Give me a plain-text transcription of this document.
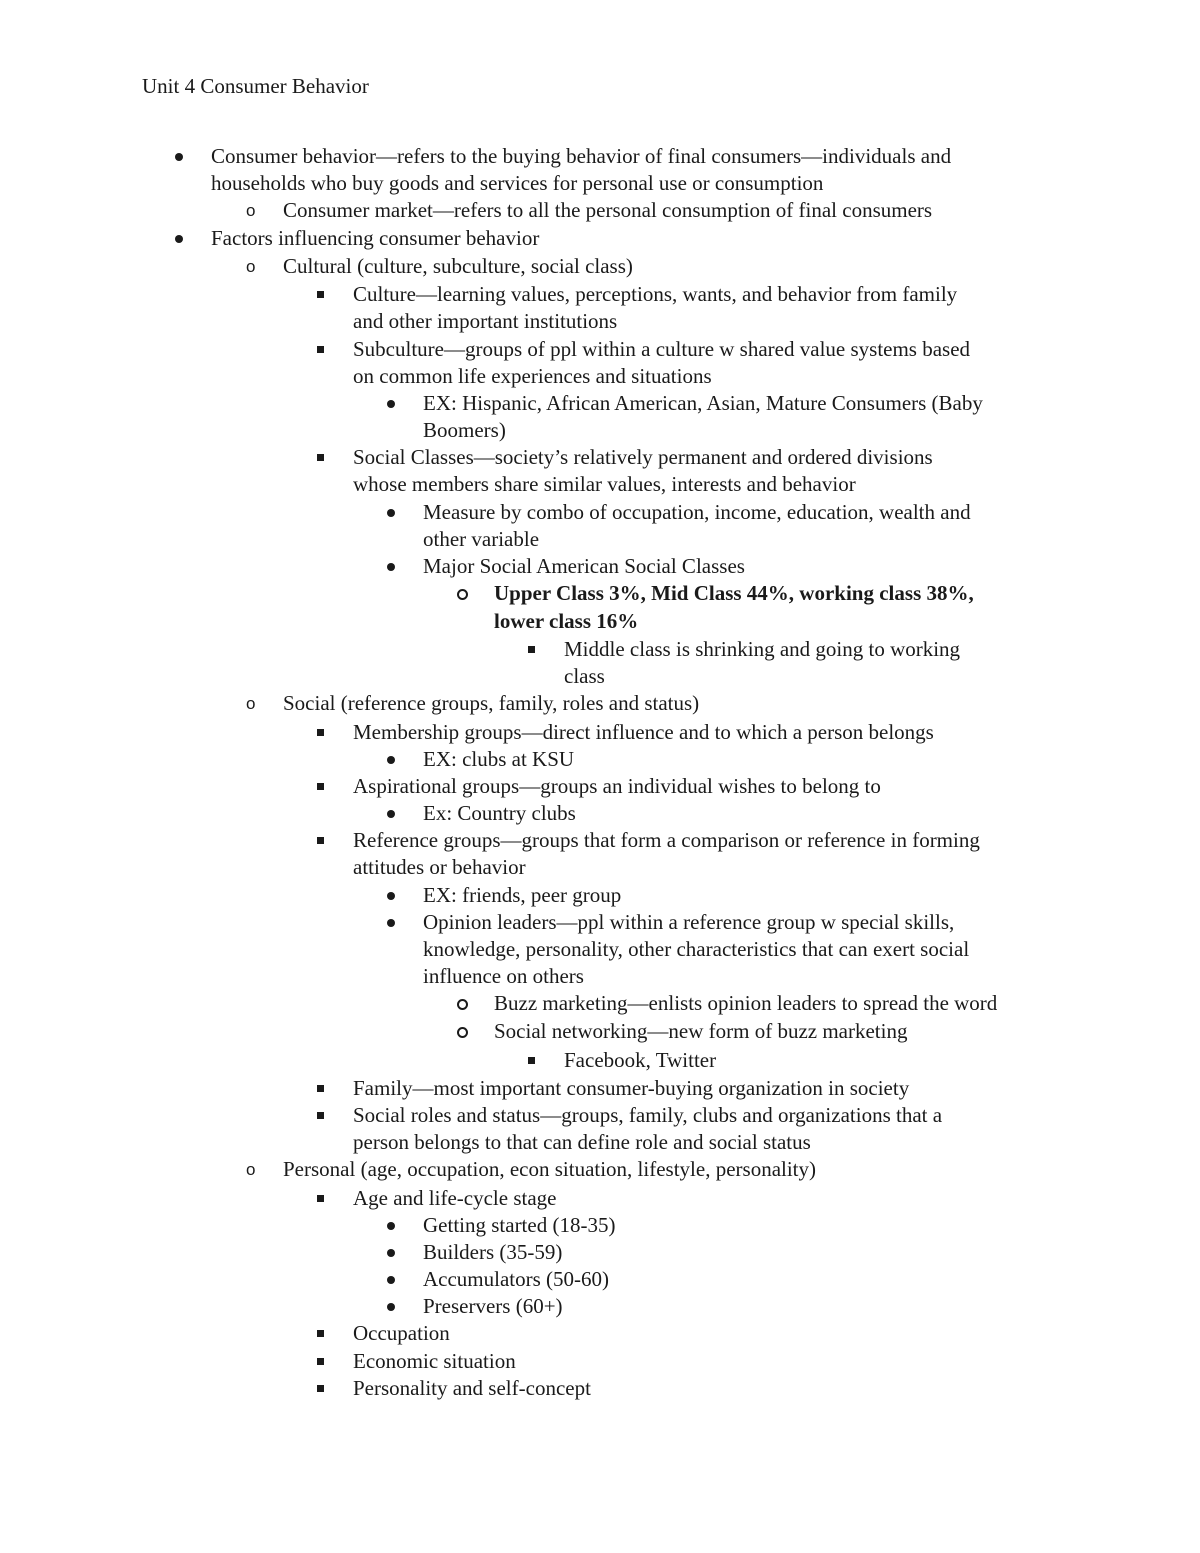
Unit 4 Consumer Behavior
Consumer behavior—refers to the buying behavior of final consumers—individuals and
households who buy goods and services for personal use or consumption
Consumer market—refers to all the personal consumption of final consumers
o
Factors influencing consumer behavior
Cultural (culture, subculture, social class)
o
Culture—learning values, perceptions, wants, and behavior from family
and other important institutions
Subculture—groups of ppl within a culture w shared value systems based
on common life experiences and situations
EX: Hispanic, African American, Asian, Mature Consumers (Baby
Boomers)
Social Classes—society’s relatively permanent and ordered divisions
whose members share similar values, interests and behavior
Measure by combo of occupation, income, education, wealth and
other variable
Major Social American Social Classes
Upper Class 3%, Mid Class 44%, working class 38%,
lower class 16%
Middle class is shrinking and going to working
class
Social (reference groups, family, roles and status)
o
Membership groups—direct influence and to which a person belongs
EX: clubs at KSU
Aspirational groups—groups an individual wishes to belong to
Ex: Country clubs
Reference groups—groups that form a comparison or reference in forming
attitudes or behavior
EX: friends, peer group
Opinion leaders—ppl within a reference group w special skills,
knowledge, personality, other characteristics that can exert social
influence on others
Buzz marketing—enlists opinion leaders to spread the word
Social networking—new form of buzz marketing
Facebook, Twitter
Family—most important consumer-buying organization in society
Social roles and status—groups, family, clubs and organizations that a
person belongs to that can define role and social status
Personal (age, occupation, econ situation, lifestyle, personality)
o
Age and life-cycle stage
Getting started (18-35)
Builders (35-59)
Accumulators (50-60)
Preservers (60+)
Occupation
Economic situation
Personality and self-concept
